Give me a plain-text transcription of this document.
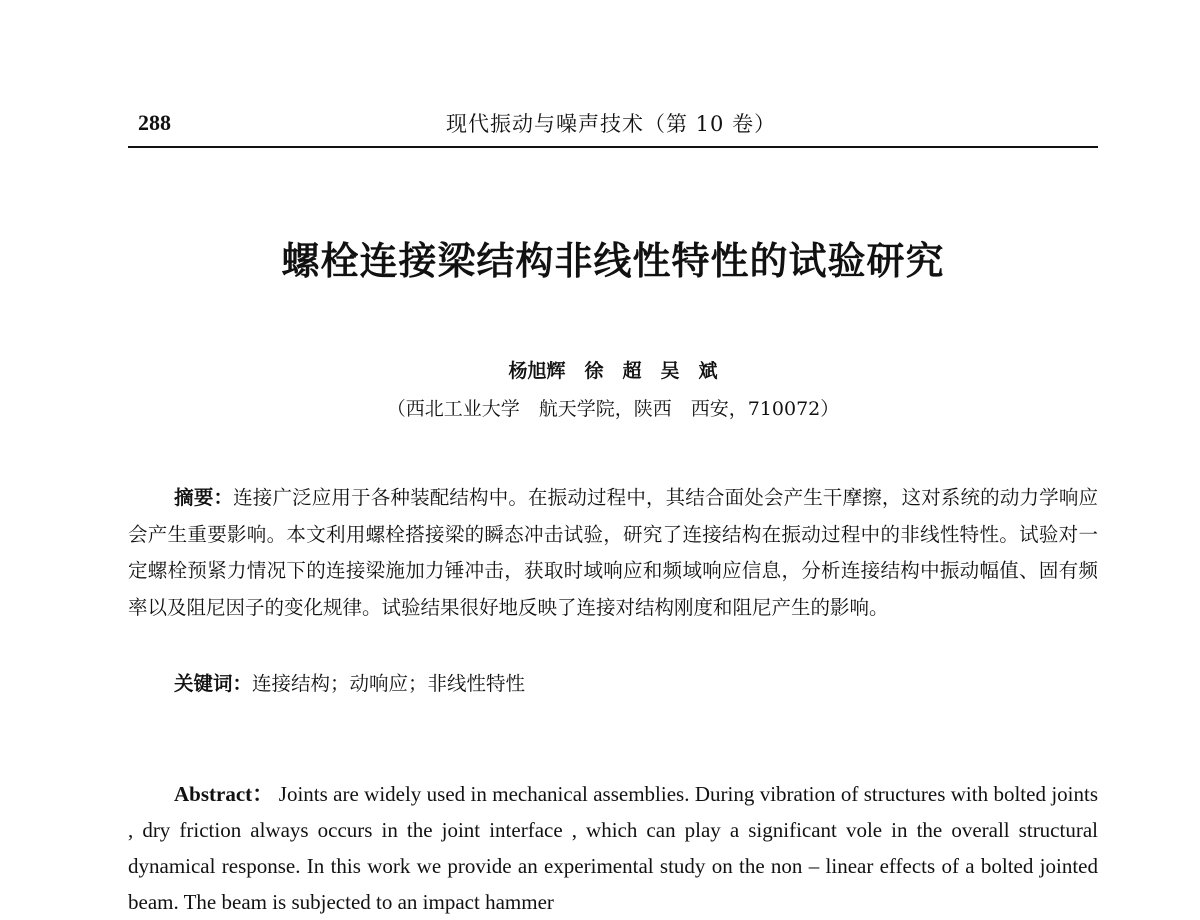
288	现代振动与噪声技术（第 10 卷）
螺栓连接梁结构非线性特性的试验研究
杨旭辉　徐　超　吴　斌
（西北工业大学　航天学院，陕西　西安，710072）
摘要：连接广泛应用于各种装配结构中。在振动过程中，其结合面处会产生干摩擦，这对系统的动力学响应会产生重要影响。本文利用螺栓搭接梁的瞬态冲击试验，研究了连接结构在振动过程中的非线性特性。试验对一定螺栓预紧力情况下的连接梁施加力锤冲击，获取时域响应和频域响应信息，分析连接结构中振动幅值、固有频率以及阻尼因子的变化规律。试验结果很好地反映了连接对结构刚度和阻尼产生的影响。
关键词：连接结构；动响应；非线性特性
Abstract： Joints are widely used in mechanical assemblies. During vibration of structures with bolted joints , dry friction always occurs in the joint interface , which can play a significant vole in the overall structural dynamical response. In this work we provide an experimental study on the non – linear effects of a bolted jointed beam. The beam is subjected to an impact hammer
